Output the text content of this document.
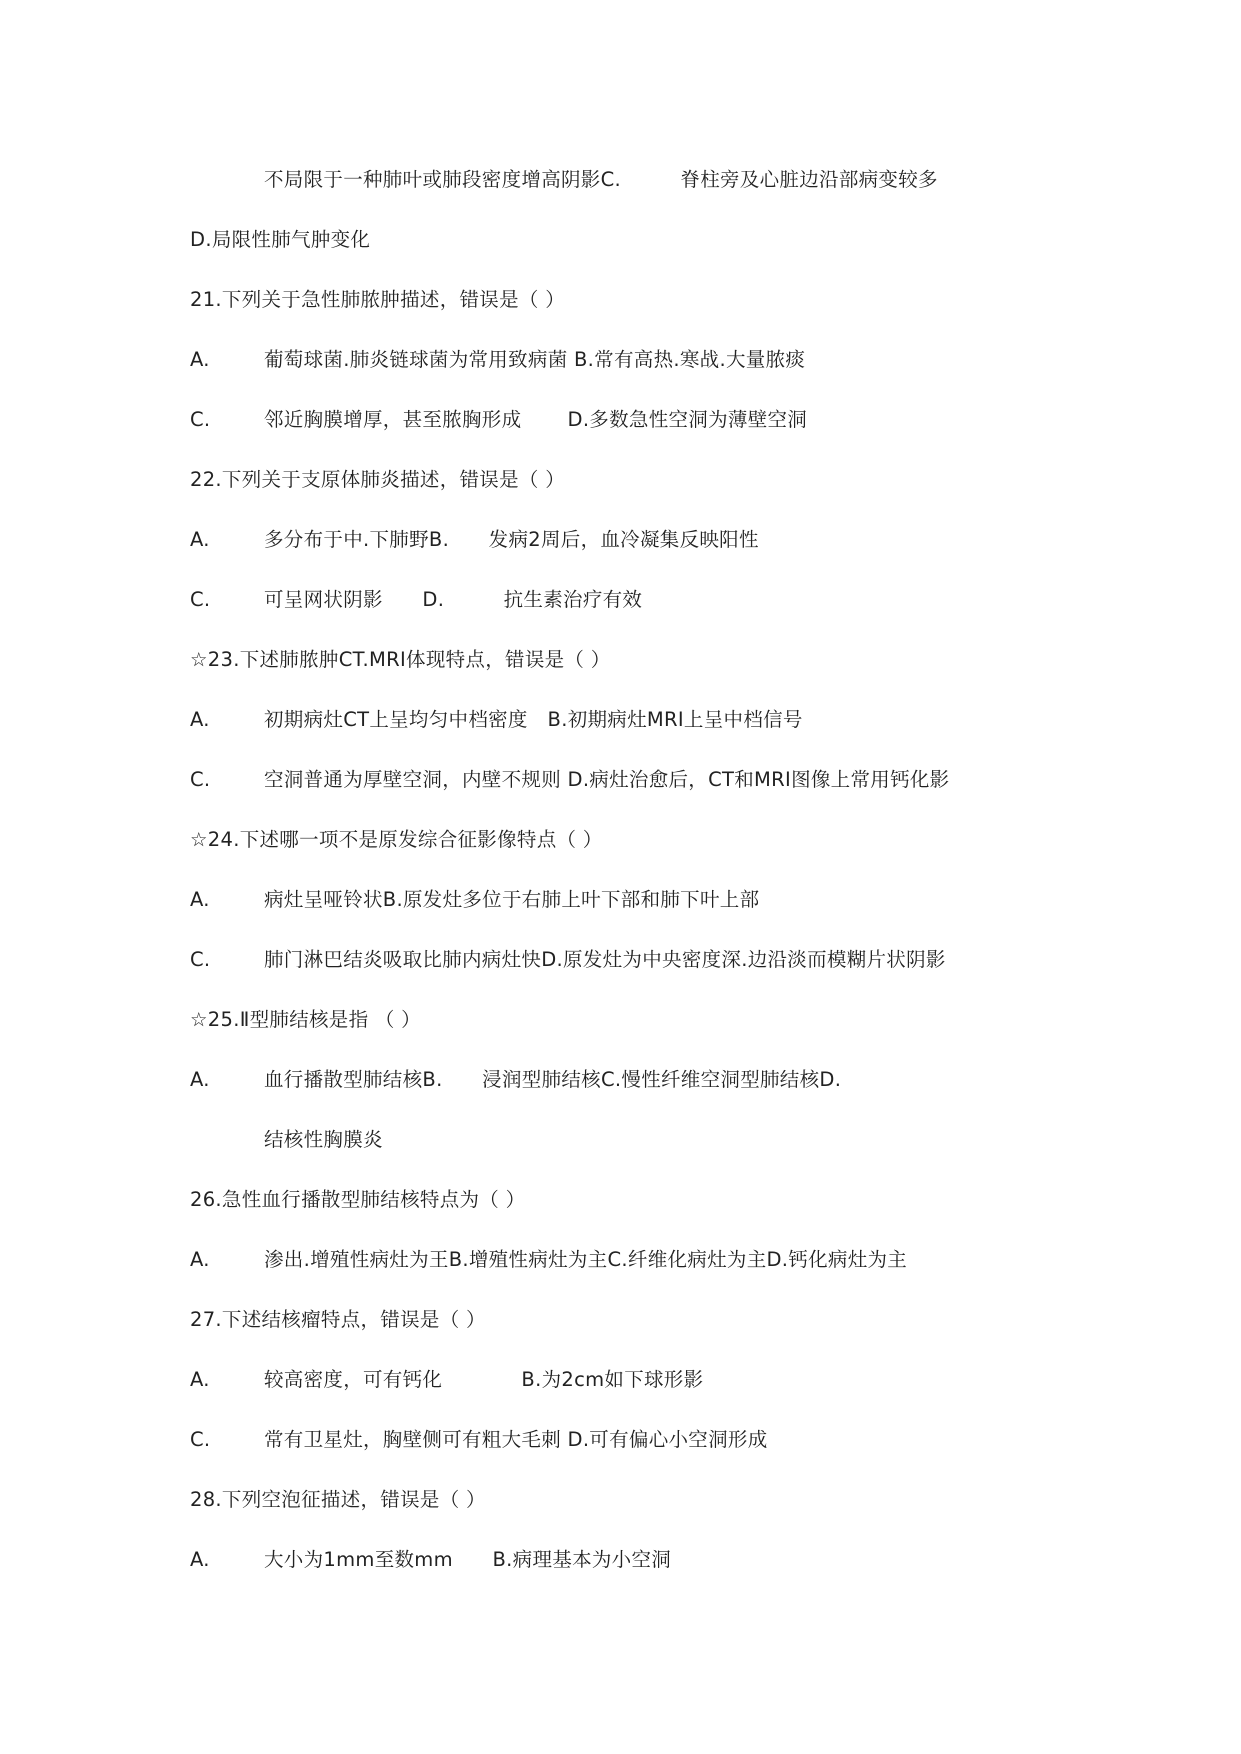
不局限于一种肺叶或肺段密度增高阴影C.　　　脊柱旁及心脏边沿部病变较多
D.局限性肺气肿变化
21.下列关于急性肺脓肿描述，错误是（ ）
A.	葡萄球菌.肺炎链球菌为常用致病菌 B.常有高热.寒战.大量脓痰
C.	邻近胸膜增厚，甚至脓胸形成 　　D.多数急性空洞为薄壁空洞
22.下列关于支原体肺炎描述，错误是（ ）
A.	多分布于中.下肺野B.　　发病2周后，血冷凝集反映阳性
C.	可呈网状阴影　　D.　　　抗生素治疗有效
☆23.下述肺脓肿CT.MRI体现特点，错误是（ ）
A.	初期病灶CT上呈均匀中档密度　B.初期病灶MRI上呈中档信号
C.	空洞普通为厚壁空洞，内壁不规则 D.病灶治愈后，CT和MRI图像上常用钙化影
☆24.下述哪一项不是原发综合征影像特点（ ）
A.	病灶呈哑铃状B.原发灶多位于右肺上叶下部和肺下叶上部
C.	肺门淋巴结炎吸取比肺内病灶快D.原发灶为中央密度深.边沿淡而模糊片状阴影
☆25.Ⅱ型肺结核是指 （ ）
A.	血行播散型肺结核B.　　浸润型肺结核C.慢性纤维空洞型肺结核D.
结核性胸膜炎
26.急性血行播散型肺结核特点为（ ）
A.	渗出.增殖性病灶为王B.增殖性病灶为主C.纤维化病灶为主D.钙化病灶为主
27.下述结核瘤特点，错误是（ ）
A.	较高密度，可有钙化　　　　B.为2cm如下球形影
C.	常有卫星灶，胸壁侧可有粗大毛刺 D.可有偏心小空洞形成
28.下列空泡征描述，错误是（ ）
A.	大小为1mm至数mm　　B.病理基本为小空洞
